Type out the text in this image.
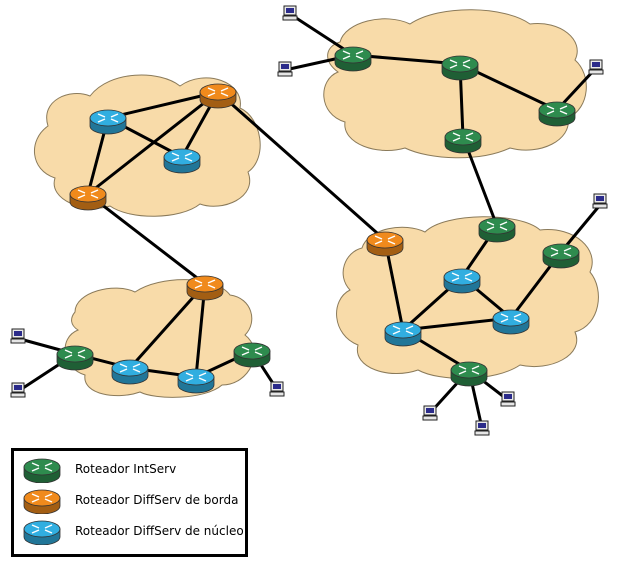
Roteador IntServ
Roteador DiffServ de borda
Roteador DiffServ de núcleo
